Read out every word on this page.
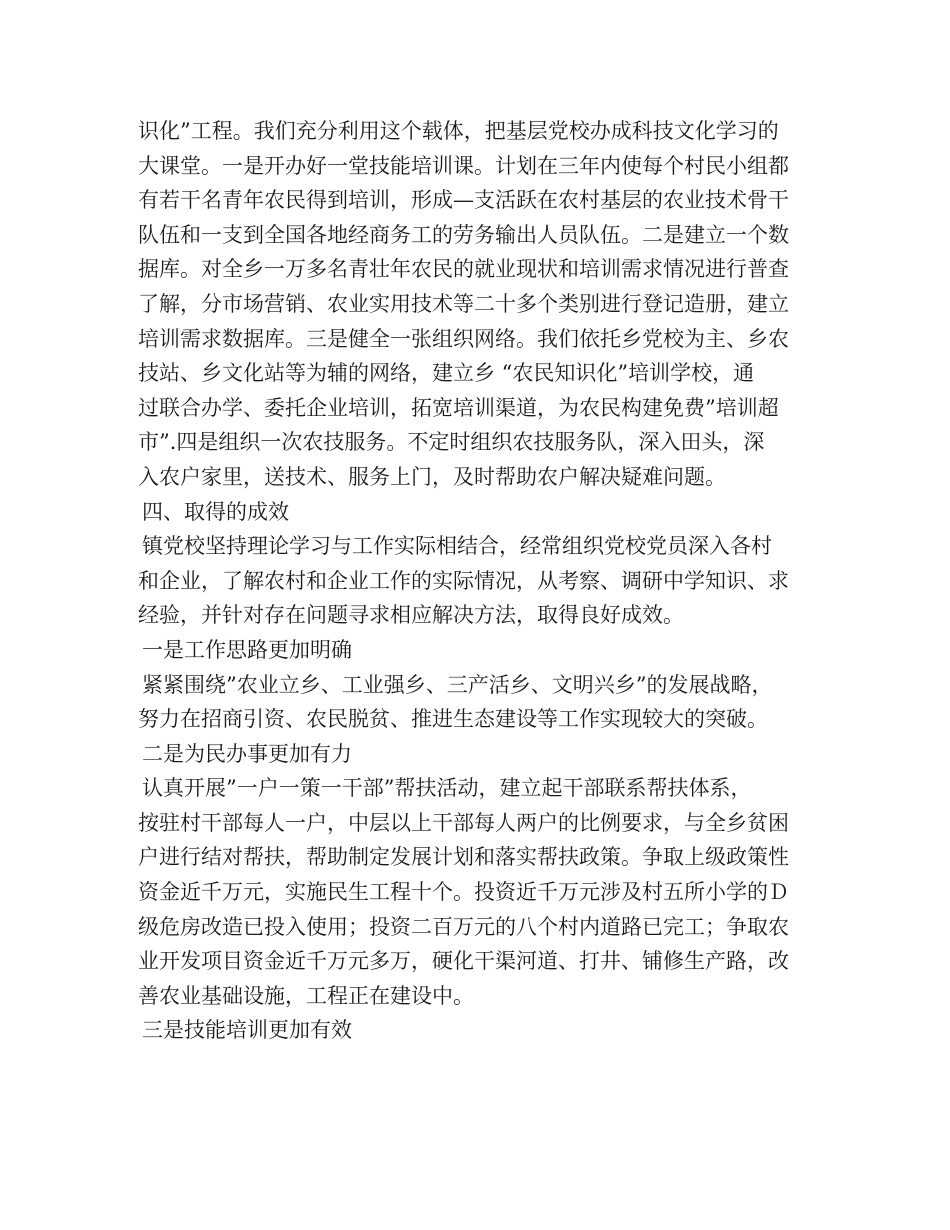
识化”工程。我们充分利用这个载体，把基层党校办成科技文化学习的
大课堂。一是开办好一堂技能培训课。计划在三年内使每个村民小组都
有若干名青年农民得到培训，形成—支活跃在农村基层的农业技术骨干
队伍和一支到全国各地经商务工的劳务输出人员队伍。二是建立一个数
据库。对全乡一万多名青壮年农民的就业现状和培训需求情况进行普查
了解，分市场营销、农业实用技术等二十多个类别进行登记造册，建立
培训需求数据库。三是健全一张组织网络。我们依托乡党校为主、乡农
技站、乡文化站等为辅的网络，建立乡 “农民知识化”培训学校，通
过联合办学、委托企业培训，拓宽培训渠道，为农民构建免费”培训超
市”.四是组织一次农技服务。不定时组织农技服务队，深入田头，深
入农户家里，送技术、服务上门，及时帮助农户解决疑难问题。
四、取得的成效
镇党校坚持理论学习与工作实际相结合，经常组织党校党员深入各村
和企业，了解农村和企业工作的实际情况，从考察、调研中学知识、求
经验，并针对存在问题寻求相应解决方法，取得良好成效。
一是工作思路更加明确
紧紧围绕”农业立乡、工业强乡、三产活乡、文明兴乡”的发展战略，
努力在招商引资、农民脱贫、推进生态建设等工作实现较大的突破。
二是为民办事更加有力
认真开展”一户一策一干部”帮扶活动，建立起干部联系帮扶体系，
按驻村干部每人一户，中层以上干部每人两户的比例要求，与全乡贫困
户进行结对帮扶，帮助制定发展计划和落实帮扶政策。争取上级政策性
资金近千万元，实施民生工程十个。投资近千万元涉及村五所小学的Ｄ
级危房改造已投入使用；投资二百万元的八个村内道路已完工；争取农
业开发项目资金近千万元多万，硬化干渠河道、打井、铺修生产路，改
善农业基础设施，工程正在建设中。
三是技能培训更加有效
